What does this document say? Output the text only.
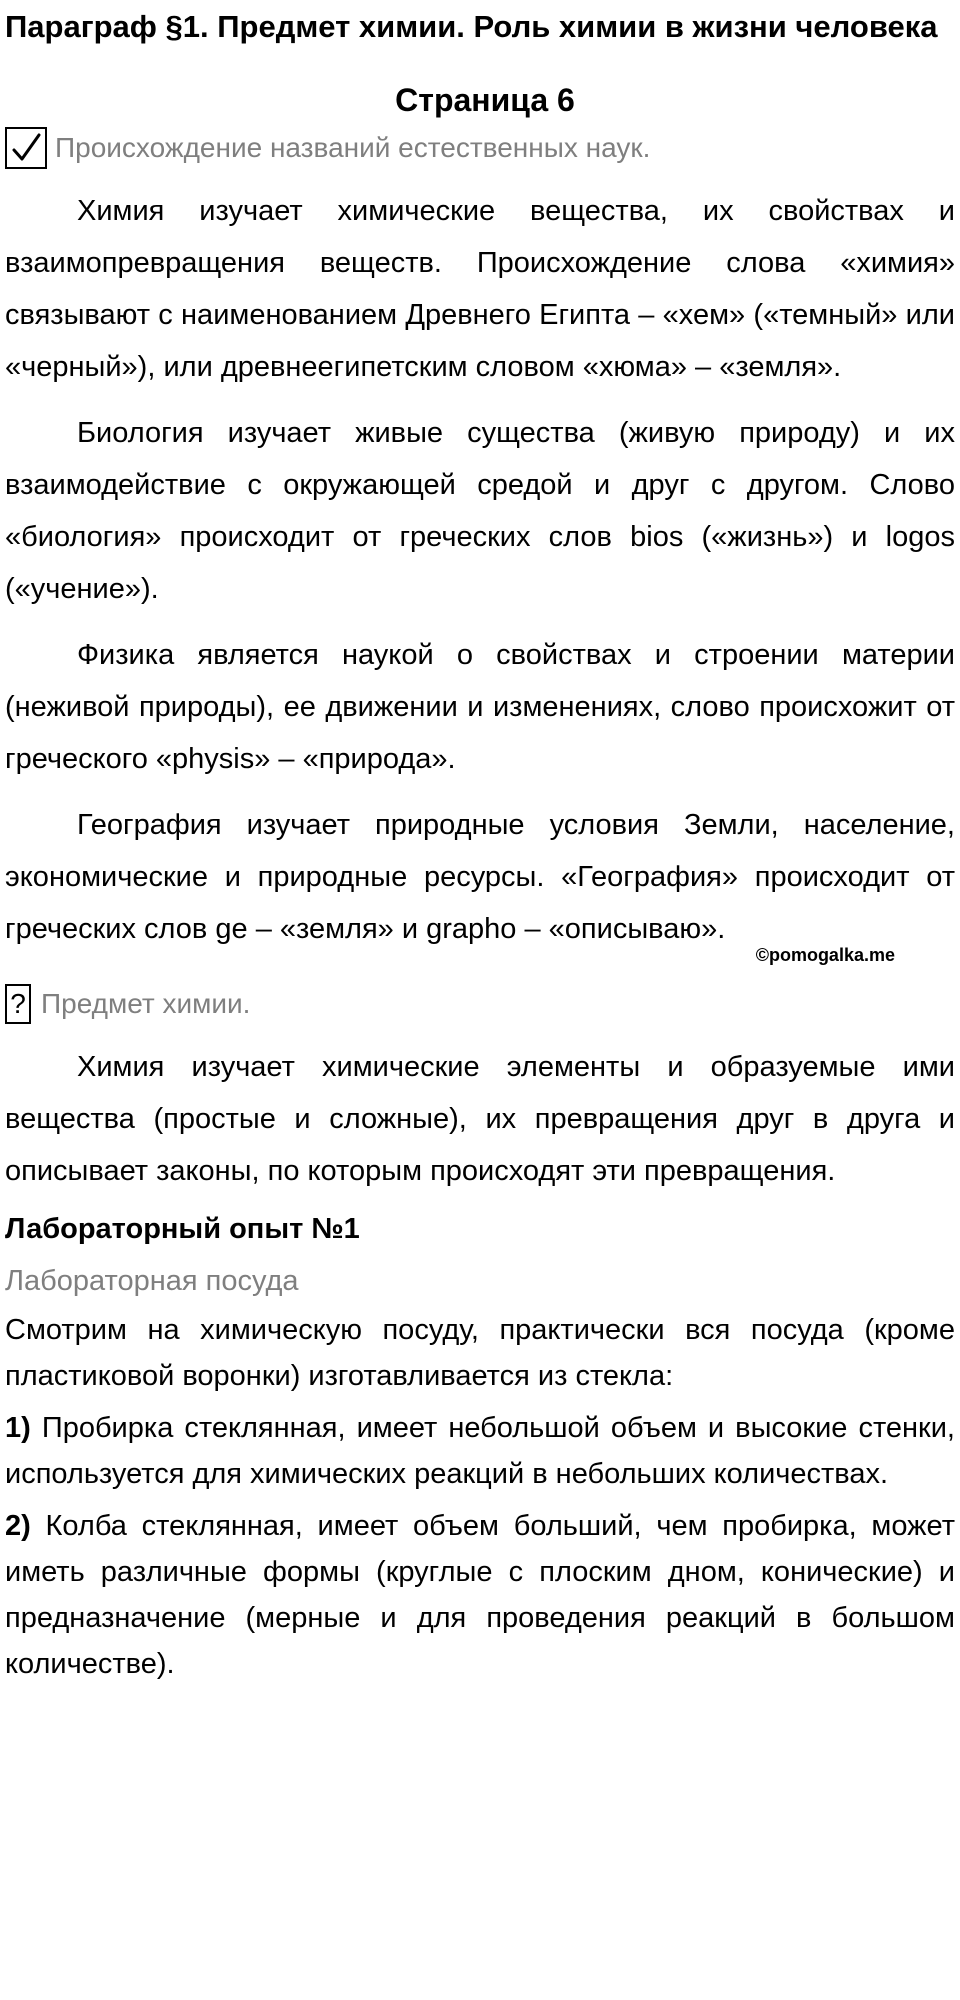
Параграф §1. Предмет химии. Роль химии в жизни человека
Страница 6
Происхождение названий естественных наук.

Химия изучает химические вещества, их свойствах и взаимопревращения веществ. Происхождение слова «химия» связывают с наименованием Древнего Египта – «хем» («темный» или «черный»), или древнеегипетским словом «хюма» – «земля».

Биология изучает живые существа (живую природу) и их взаимодействие с окружающей средой и друг с другом. Слово «биология» происходит от греческих слов bios («жизнь») и logos («учение»).

Физика является наукой о свойствах и строении материи (неживой природы), ее движении и изменениях, слово происхожит от греческого «physis» – «природа».

География изучает природные условия Земли, население, экономические и природные ресурсы. «География» происходит от греческих слов ge – «земля» и grapho – «описываю».

©pomogalka.me
? Предмет химии.

Химия изучает химические элементы и образуемые ими вещества (простые и сложные), их превращения друг в друга и описывает законы, по которым происходят эти превращения.

Лабораторный опыт №1

Лабораторная посуда

Смотрим на химическую посуду, практически вся посуда (кроме пластиковой воронки) изготавливается из стекла:

1) Пробирка стеклянная, имеет небольшой объем и высокие стенки, используется для химических реакций в небольших количествах.

2) Колба стеклянная, имеет объем больший, чем пробирка, может иметь различные формы (круглые с плоским дном, конические) и предназначение (мерные и для проведения реакций в большом количестве).
